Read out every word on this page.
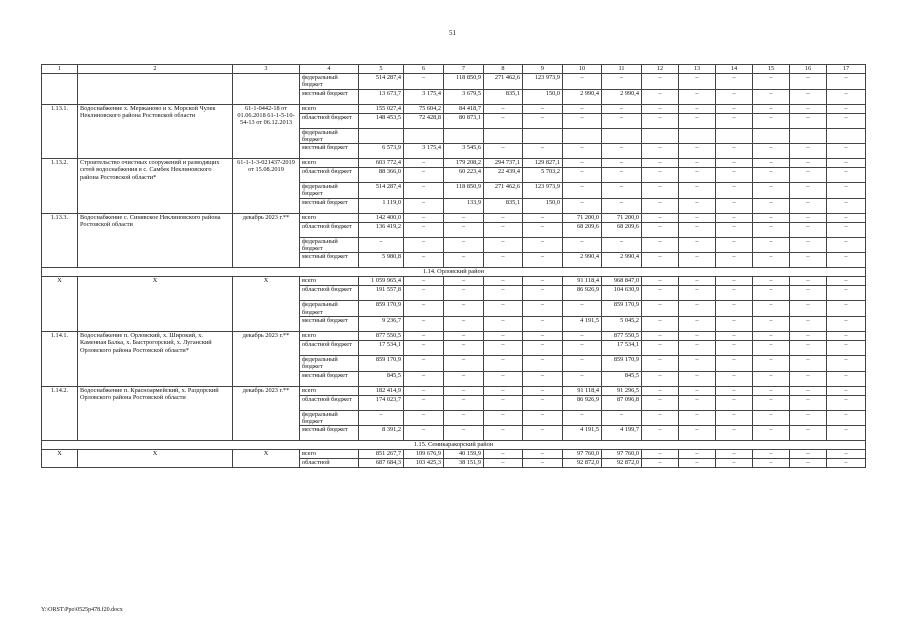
51
1	2	3	4	5	6	7	8	9	10	11	12	13	14	15	16	17
			федеральный бюджет	514 287,4	–	118 850,9	271 462,6	123 973,9	–	–	–	–	–	–	–	–
			местный бюджет	13 673,7	3 175,4	3 679,5	835,1	150,0	2 990,4	2 990,4	–	–	–	–	–	–
1.13.1.	Водоснабжение х. Мержаново и х. Морской Чулек Неклиновского района Ростовской области	61-1-0442-18 от 01.06.2018 61-1-5-10-54-13 от 06.12.2013	всего	155 027,4	75 604,2	84 418,7	–	–	–	–	–	–	–	–	–	–
			областной бюджет	148 453,5	72 428,8	80 873,1	–	–	–	–	–	–	–	–	–	–
			федеральный бюджет													
			местный бюджет	6 573,9	3 175,4	3 545,6	–	–	–	–	–	–	–	–	–	–
1.13.2.	Строительство очистных сооружений и разводящих сетей водоснабжения в с. Самбек Неклиновского района Ростовской области*	61-1-1-3-021437-2019 от 15.08.2019	всего	603 772,4	–	179 208,2	294 737,1	129 827,1	–	–	–	–	–	–	–	–
			областной бюджет	88 366,0	–	60 223,4	22 439,4	5 703,2	–	–	–	–	–	–	–	–
			федеральный бюджет	514 287,4	–	118 850,9	271 462,6	123 973,9	–	–	–	–	–	–	–	–
			местный бюджет	1 119,0	–	133,9	835,1	150,0	–	–	–	–	–	–	–	–
1.13.3.	Водоснабжение с. Синявское Неклиновского района Ростовской области	декабрь 2023 г.**	всего	142 400,0	–	–	–	–	71 200,0	71 200,0	–	–	–	–	–	–
			областной бюджет	136 419,2	–	–	–	–	68 209,6	68 209,6	–	–	–	–	–	–
			федеральный бюджет	–	–	–	–	–	–	–	–	–	–	–	–	–
			местный бюджет	5 980,8	–	–	–	–	2 990,4	2 990,4	–	–	–	–	–	–
1.14. Орловский район																
Х	Х	Х	всего	1 059 965,4	–	–	–	–	91 118,4	968 847,0	–	–	–	–	–	–
			областной бюджет	191 557,8	–	–	–	–	86 926,9	104 630,9	–	–	–	–	–	–
			федеральный бюджет	859 170,9	–	–	–	–	–	859 170,9	–	–	–	–	–	–
			местный бюджет	9 236,7	–	–	–	–	4 191,5	5 045,2	–	–	–	–	–	–
1.14.1.	Водоснабжение п. Орловский, х. Широкий, х. Каменная Балка, х. Быстрогорский, х. Луганский Орловского района Ростовской области*	декабрь 2023 г.**	всего	877 550,5	–	–	–	–	–	877 550,5	–	–	–	–	–	–
			областной бюджет	17 534,1	–	–	–	–	–	17 534,1	–	–	–	–	–	–
			федеральный бюджет	859 170,9	–	–	–	–	–	859 170,9	–	–	–	–	–	–
			местный бюджет	845,5	–	–	–	–	–	845,5	–	–	–	–	–	–
1.14.2.	Водоснабжение п. Красноармейский, х. Раздорский Орловского района Ростовской области	декабрь 2023 г.**	всего	182 414,9	–	–	–	–	91 118,4	91 296,5	–	–	–	–	–	–
			областной бюджет	174 023,7	–	–	–	–	86 926,9	87 096,8	–	–	–	–	–	–
			федеральный бюджет	–	–	–	–	–	–	–	–	–	–	–	–	–
			местный бюджет	8 391,2	–	–	–	–	4 191,5	4 199,7	–	–	–	–	–	–
1.15. Семикаракорский район																
Х	Х	Х	всего	851 267,7	109 676,9	40 159,9	–	–	97 760,0	97 760,0	–	–	–	–	–	–
			областной	687 684,3	103 425,3	38 151,9	–	–	92 872,0	92 872,0	–	–	–	–	–	–
Y:\ORST\Ppo\0525p478.f20.docx
